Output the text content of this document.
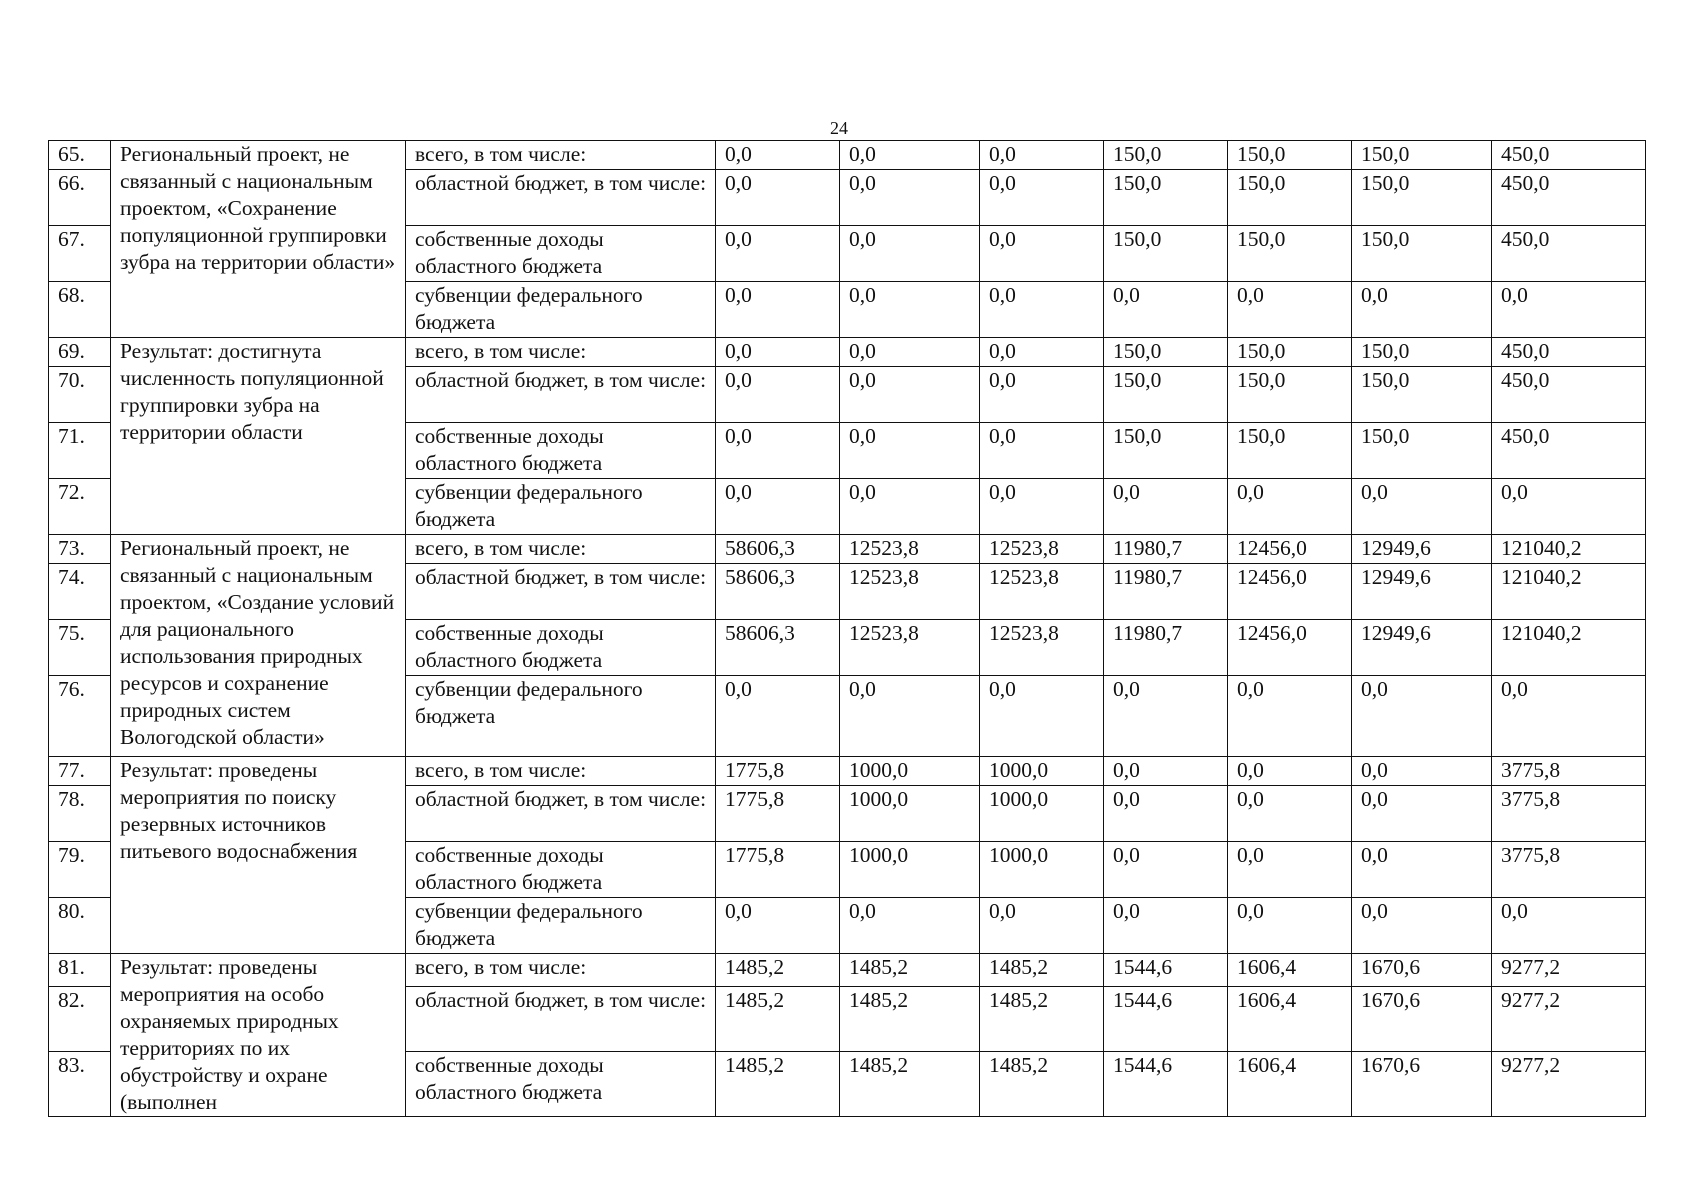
24
65.	Региональный проект, не связанный с национальным проектом, «Сохранение популяционной группировки зубра на территории области»	всего, в том числе:	0,0	0,0	0,0	150,0	150,0	150,0	450,0
66.		областной бюджет, в том числе:	0,0	0,0	0,0	150,0	150,0	150,0	450,0
67.		собственные доходы областного бюджета	0,0	0,0	0,0	150,0	150,0	150,0	450,0
68.		субвенции федерального бюджета	0,0	0,0	0,0	0,0	0,0	0,0	0,0
69.	Результат: достигнута численность популяционной группировки зубра на территории области	всего, в том числе:	0,0	0,0	0,0	150,0	150,0	150,0	450,0
70.		областной бюджет, в том числе:	0,0	0,0	0,0	150,0	150,0	150,0	450,0
71.		собственные доходы областного бюджета	0,0	0,0	0,0	150,0	150,0	150,0	450,0
72.		субвенции федерального бюджета	0,0	0,0	0,0	0,0	0,0	0,0	0,0
73.	Региональный проект, не связанный с национальным проектом, «Создание условий для рационального использования природных ресурсов и сохранение природных систем Вологодской области»	всего, в том числе:	58606,3	12523,8	12523,8	11980,7	12456,0	12949,6	121040,2
74.		областной бюджет, в том числе:	58606,3	12523,8	12523,8	11980,7	12456,0	12949,6	121040,2
75.		собственные доходы областного бюджета	58606,3	12523,8	12523,8	11980,7	12456,0	12949,6	121040,2
76.		субвенции федерального бюджета	0,0	0,0	0,0	0,0	0,0	0,0	0,0
77.	Результат: проведены мероприятия по поиску резервных источников питьевого водоснабжения	всего, в том числе:	1775,8	1000,0	1000,0	0,0	0,0	0,0	3775,8
78.		областной бюджет, в том числе:	1775,8	1000,0	1000,0	0,0	0,0	0,0	3775,8
79.		собственные доходы областного бюджета	1775,8	1000,0	1000,0	0,0	0,0	0,0	3775,8
80.		субвенции федерального бюджета	0,0	0,0	0,0	0,0	0,0	0,0	0,0
81.	Результат: проведены мероприятия на особо охраняемых природных территориях по их обустройству и охране (выполнен	всего, в том числе:	1485,2	1485,2	1485,2	1544,6	1606,4	1670,6	9277,2
82.		областной бюджет, в том числе:	1485,2	1485,2	1485,2	1544,6	1606,4	1670,6	9277,2
83.		собственные доходы областного бюджета	1485,2	1485,2	1485,2	1544,6	1606,4	1670,6	9277,2
